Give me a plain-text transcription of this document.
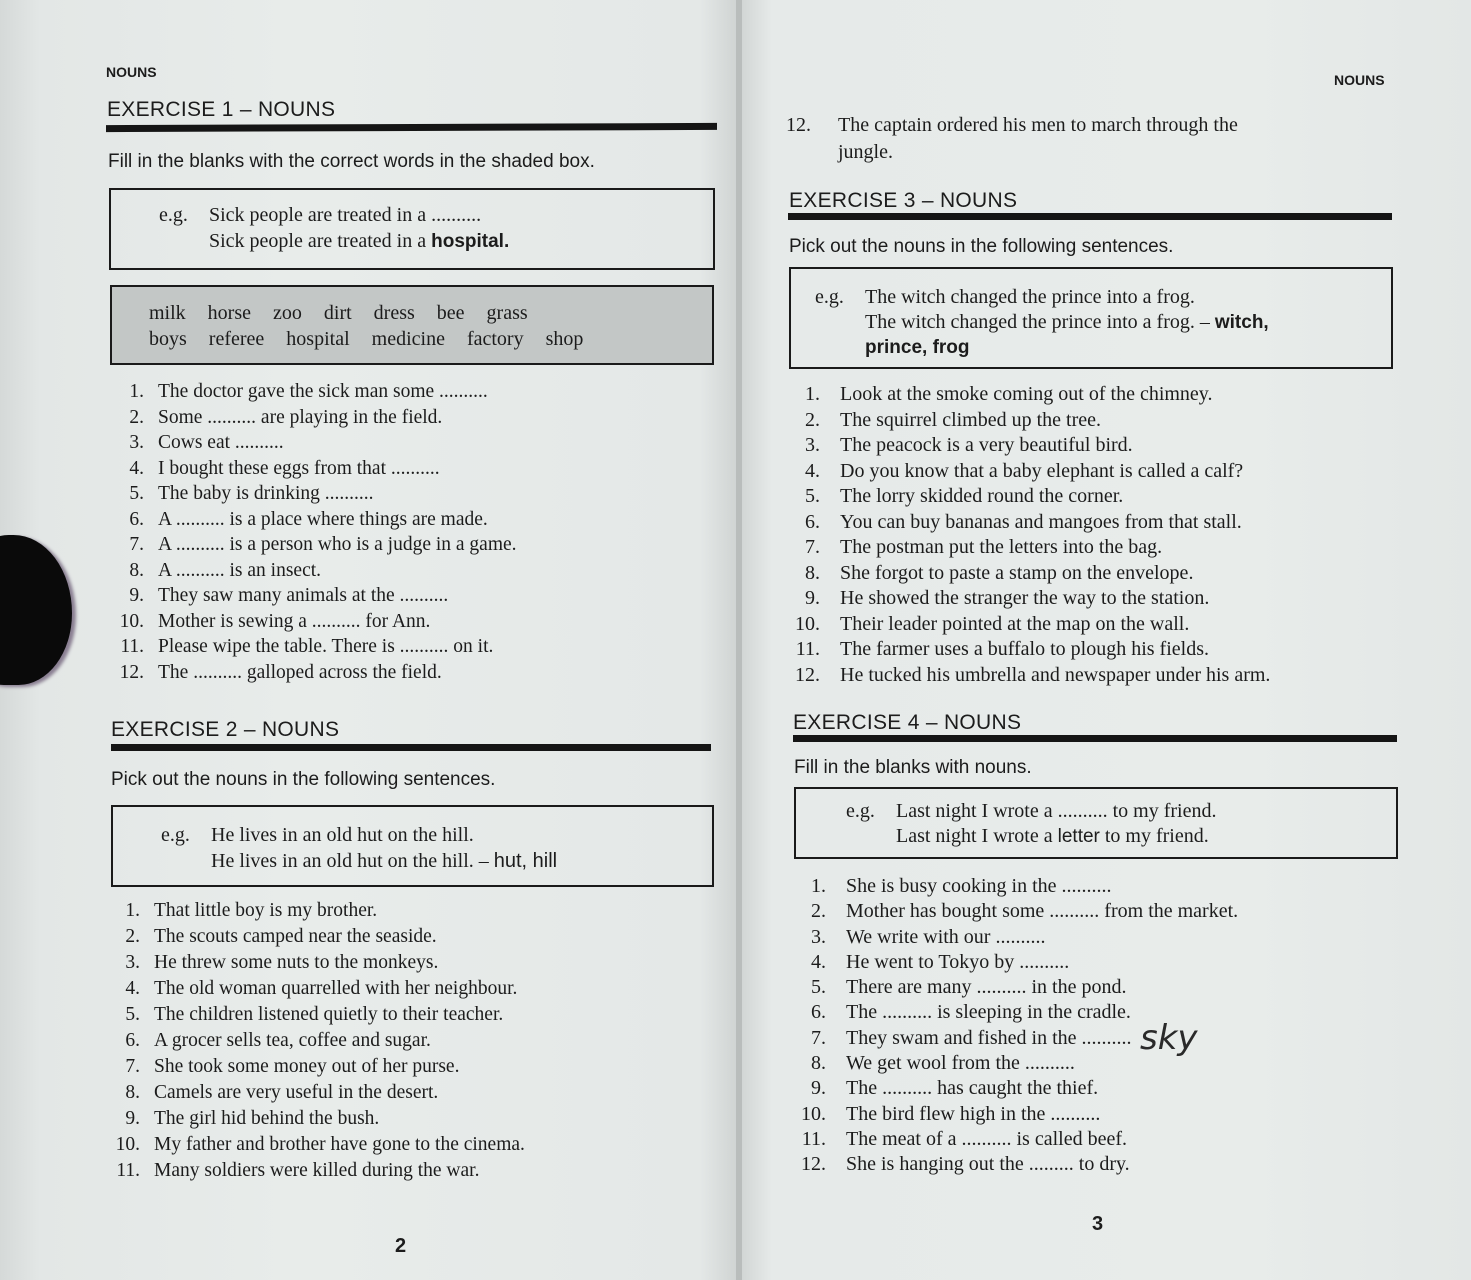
NOUNS
EXERCISE 1 – NOUNS
Fill in the blanks with the correct words in the shaded box.
e.g. Sick people are treated in a ..........
Sick people are treated in a hospital.
milk horse zoo dirt dress bee grass
boys referee hospital medicine factory shop
1. The doctor gave the sick man some ..........
2. Some .......... are playing in the field.
3. Cows eat ..........
4. I bought these eggs from that ..........
5. The baby is drinking ..........
6. A .......... is a place where things are made.
7. A .......... is a person who is a judge in a game.
8. A .......... is an insect.
9. They saw many animals at the ..........
10. Mother is sewing a .......... for Ann.
11. Please wipe the table. There is .......... on it.
12. The .......... galloped across the field.
EXERCISE 2 – NOUNS
Pick out the nouns in the following sentences.
e.g. He lives in an old hut on the hill.
He lives in an old hut on the hill. – hut, hill
1. That little boy is my brother.
2. The scouts camped near the seaside.
3. He threw some nuts to the monkeys.
4. The old woman quarrelled with her neighbour.
5. The children listened quietly to their teacher.
6. A grocer sells tea, coffee and sugar.
7. She took some money out of her purse.
8. Camels are very useful in the desert.
9. The girl hid behind the bush.
10. My father and brother have gone to the cinema.
11. Many soldiers were killed during the war.
2
NOUNS
12. The captain ordered his men to march through the

jungle.
EXERCISE 3 – NOUNS
Pick out the nouns in the following sentences.
e.g. The witch changed the prince into a frog.
The witch changed the prince into a frog. – witch,
prince, frog
1. Look at the smoke coming out of the chimney.
2. The squirrel climbed up the tree.
3. The peacock is a very beautiful bird.
4. Do you know that a baby elephant is called a calf?
5. The lorry skidded round the corner.
6. You can buy bananas and mangoes from that stall.
7. The postman put the letters into the bag.
8. She forgot to paste a stamp on the envelope.
9. He showed the stranger the way to the station.
10. Their leader pointed at the map on the wall.
11. The farmer uses a buffalo to plough his fields.
12. He tucked his umbrella and newspaper under his arm.
EXERCISE 4 – NOUNS
Fill in the blanks with nouns.
e.g. Last night I wrote a .......... to my friend.
Last night I wrote a letter to my friend.
1. She is busy cooking in the ..........
2. Mother has bought some .......... from the market.
3. We write with our ..........
4. He went to Tokyo by ..........
5. There are many .......... in the pond.
6. The .......... is sleeping in the cradle.
7. They swam and fished in the ..........
8. We get wool from the ..........
9. The .......... has caught the thief.
10. The bird flew high in the ..........
11. The meat of a .......... is called beef.
12. She is hanging out the ......... to dry.
sky
3
